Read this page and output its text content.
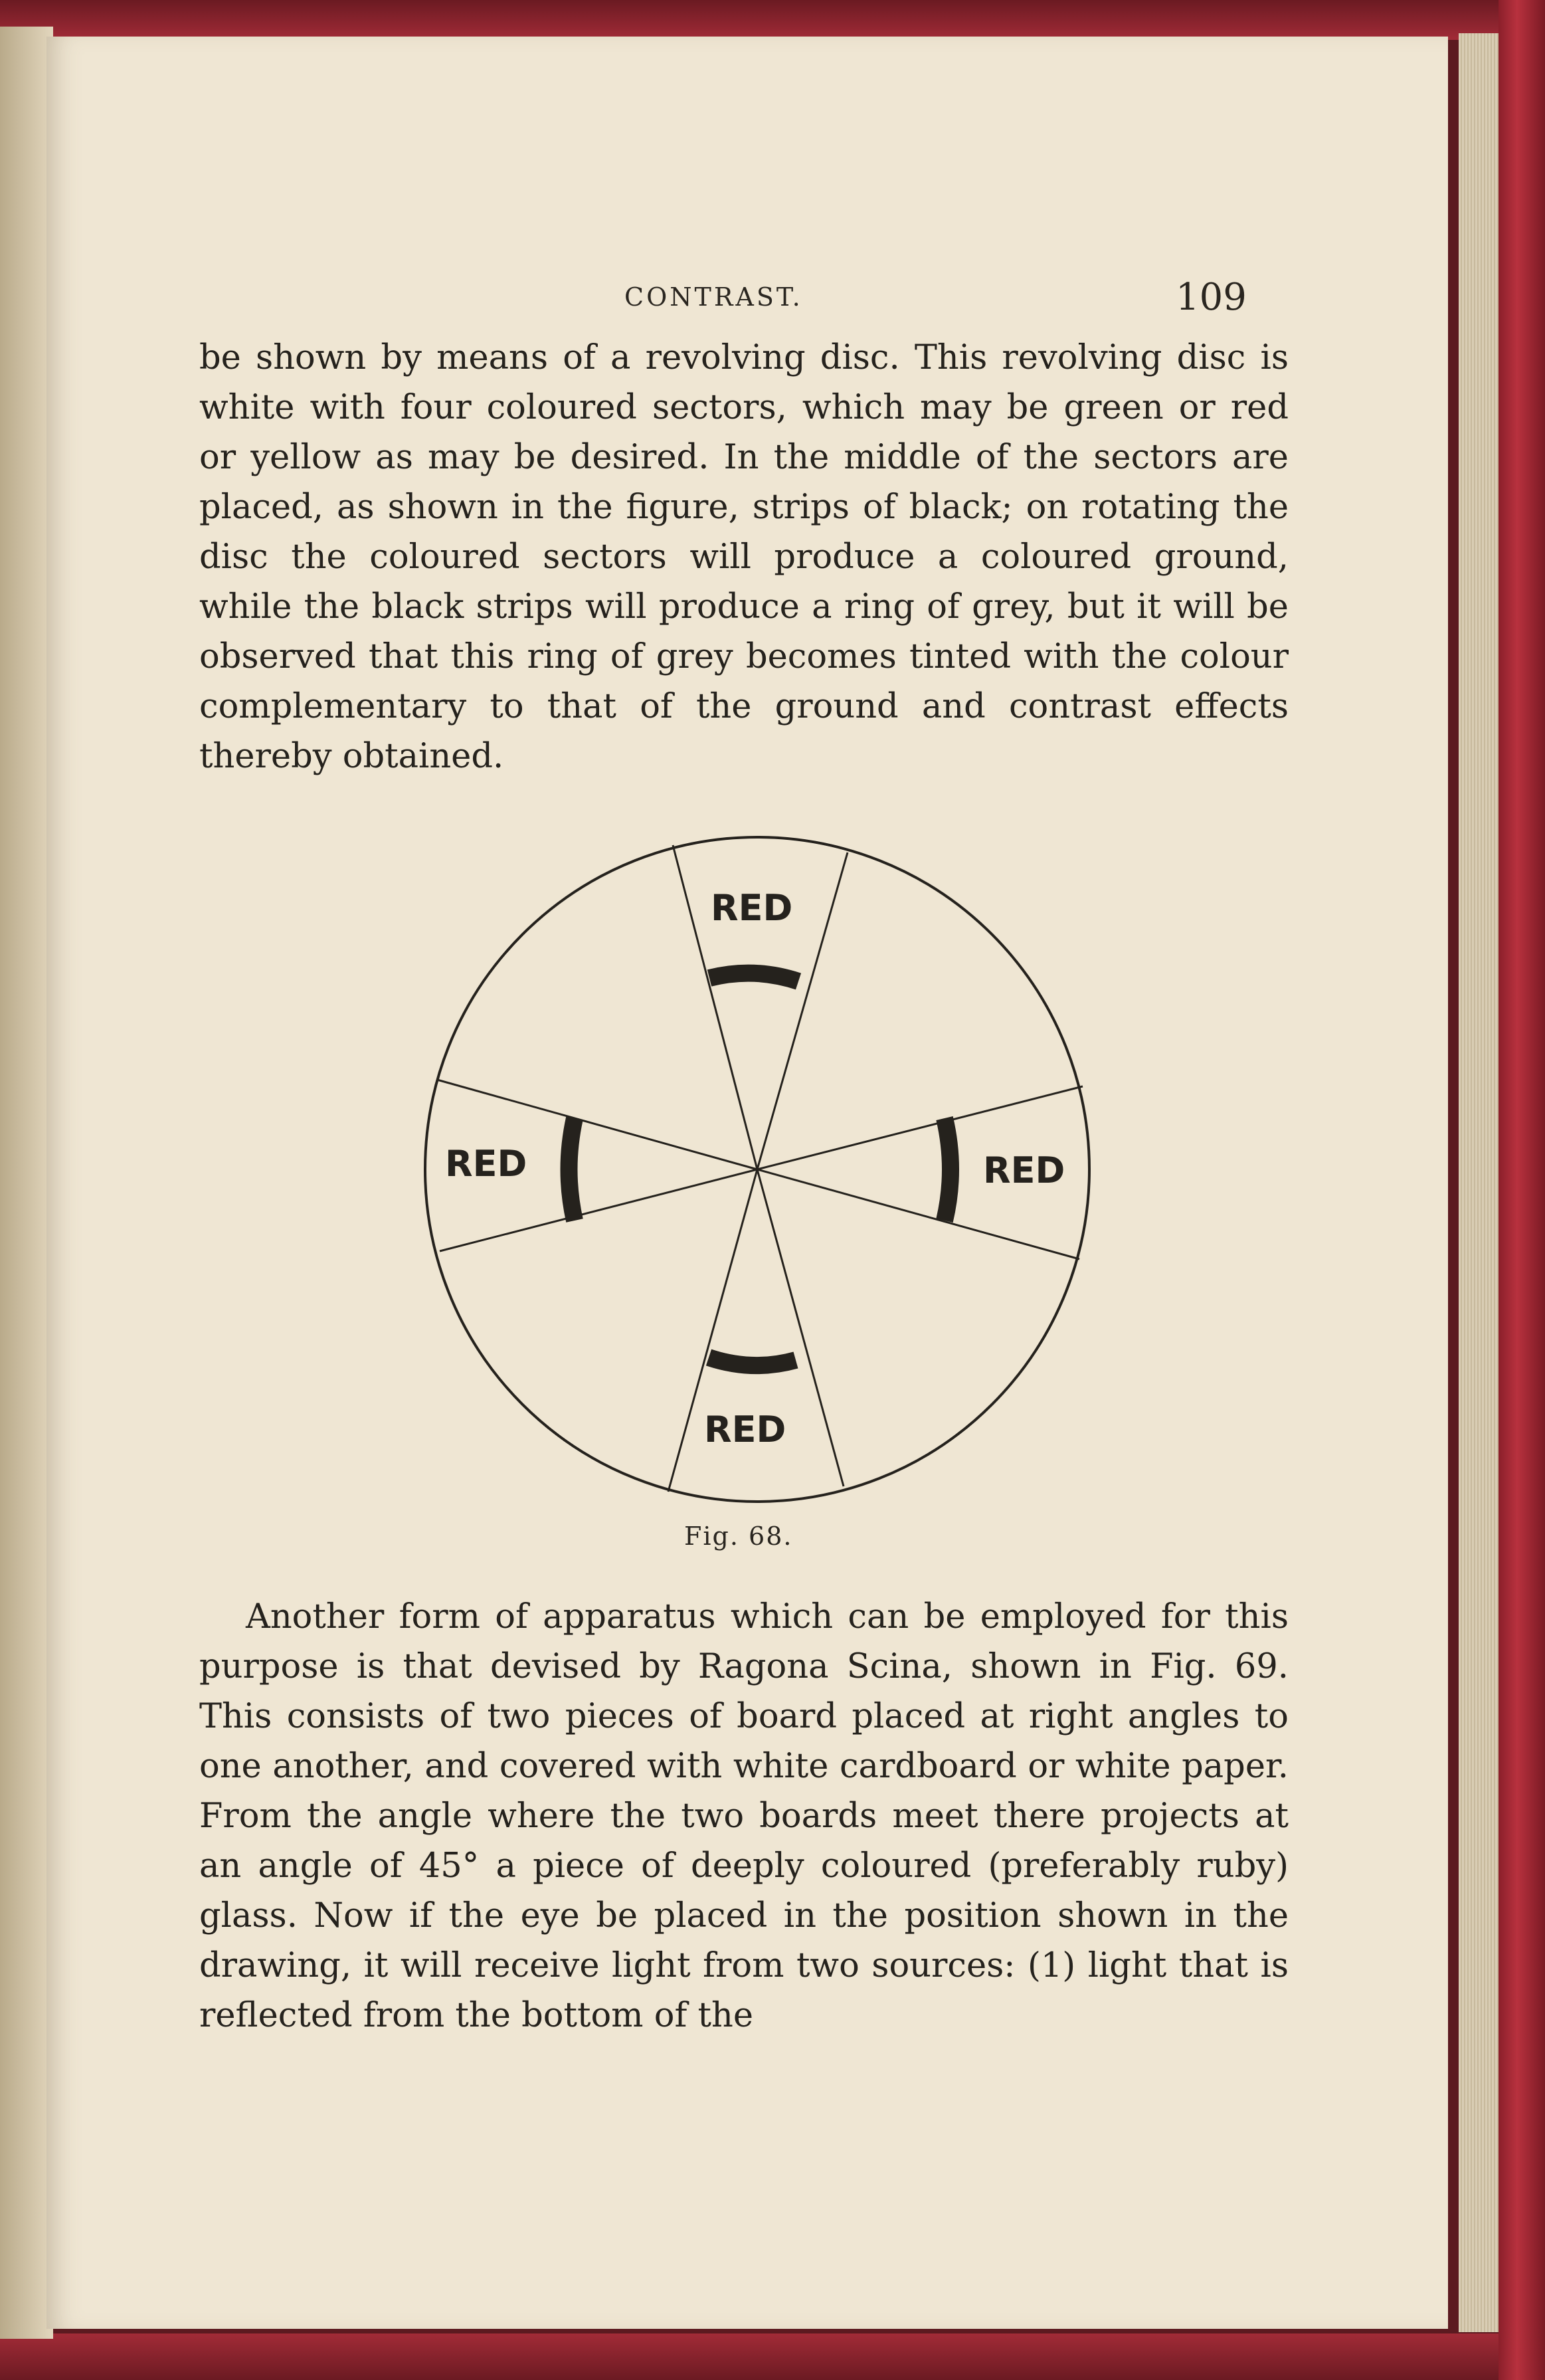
CONTRAST.	109

be shown by means of a revolving disc. This revolving disc is white with four coloured sectors, which may be green or red or yellow as may be desired. In the middle of the sectors are placed, as shown in the figure, strips of black; on rotating the disc the coloured sectors will produce a coloured ground, while the black strips will produce a ring of grey, but it will be observed that this ring of grey becomes tinted with the colour complementary to that of the ground and contrast effects thereby obtained.

RED
RED	RED
RED
Fig. 68.

Another form of apparatus which can be employed for this purpose is that devised by Ragona Scina, shown in Fig. 69. This consists of two pieces of board placed at right angles to one another, and covered with white cardboard or white paper. From the angle where the two boards meet there projects at an angle of 45° a piece of deeply coloured (preferably ruby) glass. Now if the eye be placed in the position shown in the drawing, it will receive light from two sources: (1) light that is reflected from the bottom of the
